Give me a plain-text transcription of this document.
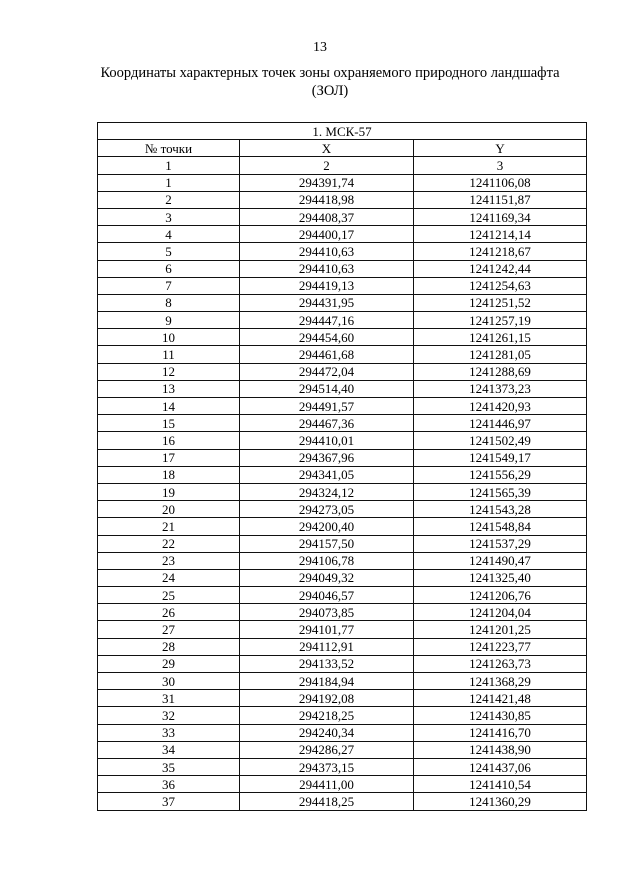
13
Координаты характерных точек зоны охраняемого природного ландшафта
(ЗОЛ)
1. МСК-57		
№ точки	X	Y
1	2	3
1	294391,74	1241106,08
2	294418,98	1241151,87
3	294408,37	1241169,34
4	294400,17	1241214,14
5	294410,63	1241218,67
6	294410,63	1241242,44
7	294419,13	1241254,63
8	294431,95	1241251,52
9	294447,16	1241257,19
10	294454,60	1241261,15
11	294461,68	1241281,05
12	294472,04	1241288,69
13	294514,40	1241373,23
14	294491,57	1241420,93
15	294467,36	1241446,97
16	294410,01	1241502,49
17	294367,96	1241549,17
18	294341,05	1241556,29
19	294324,12	1241565,39
20	294273,05	1241543,28
21	294200,40	1241548,84
22	294157,50	1241537,29
23	294106,78	1241490,47
24	294049,32	1241325,40
25	294046,57	1241206,76
26	294073,85	1241204,04
27	294101,77	1241201,25
28	294112,91	1241223,77
29	294133,52	1241263,73
30	294184,94	1241368,29
31	294192,08	1241421,48
32	294218,25	1241430,85
33	294240,34	1241416,70
34	294286,27	1241438,90
35	294373,15	1241437,06
36	294411,00	1241410,54
37	294418,25	1241360,29
